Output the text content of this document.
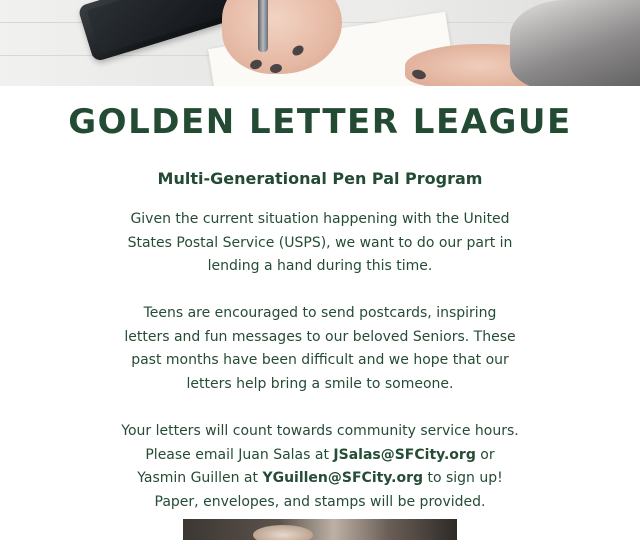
GOLDEN LETTER LEAGUE
Multi-Generational Pen Pal Program
Given the current situation happening with the United
States Postal Service (USPS), we want to do our part in
lending a hand during this time.
Teens are encouraged to send postcards, inspiring
letters and fun messages to our beloved Seniors. These
past months have been difficult and we hope that our
letters help bring a smile to someone.
Your letters will count towards community service hours.
Please email Juan Salas at JSalas@SFCity.org or
Yasmin Guillen at YGuillen@SFCity.org to sign up!
Paper, envelopes, and stamps will be provided.
